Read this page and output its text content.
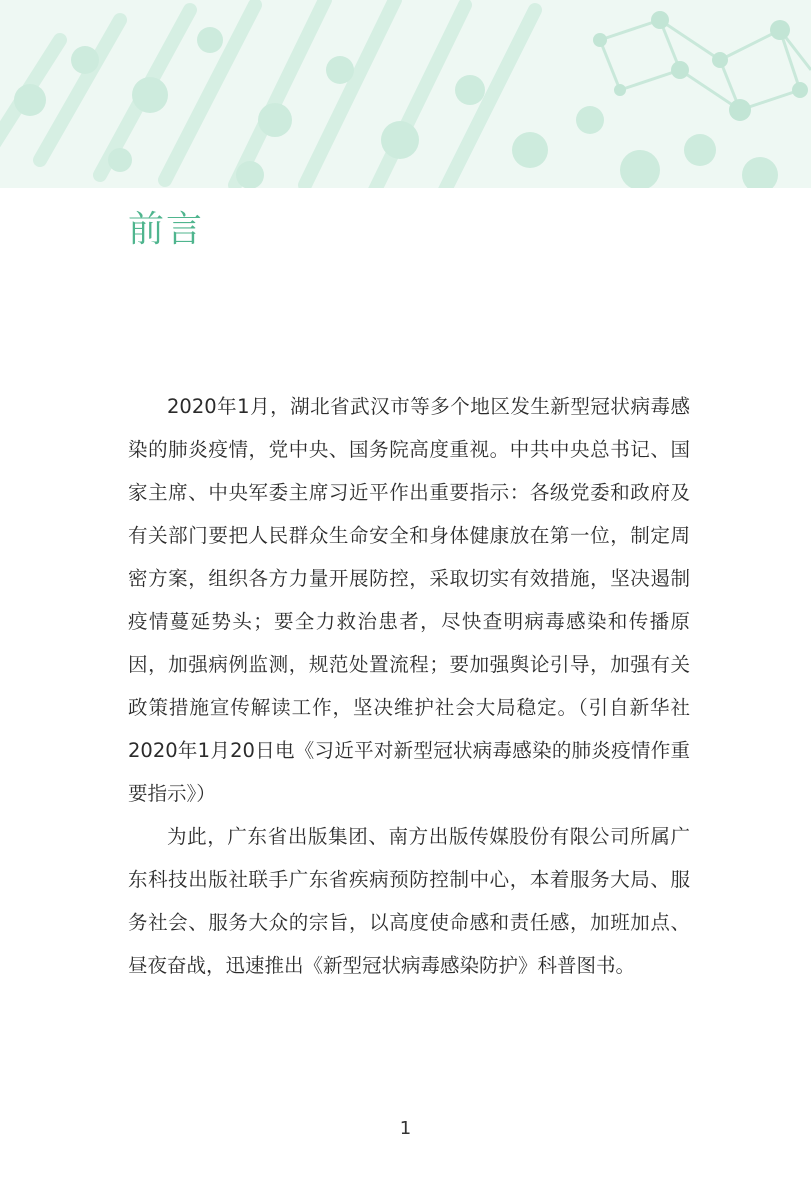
前言

2020年1月，湖北省武汉市等多个地区发生新型冠状病毒感染的肺炎疫情，党中央、国务院高度重视。中共中央总书记、国家主席、中央军委主席习近平作出重要指示：各级党委和政府及有关部门要把人民群众生命安全和身体健康放在第一位，制定周密方案，组织各方力量开展防控，采取切实有效措施，坚决遏制疫情蔓延势头；要全力救治患者，尽快查明病毒感染和传播原因，加强病例监测，规范处置流程；要加强舆论引导，加强有关政策措施宣传解读工作，坚决维护社会大局稳定。（引自新华社2020年1月20日电《习近平对新型冠状病毒感染的肺炎疫情作重要指示》）

为此，广东省出版集团、南方出版传媒股份有限公司所属广东科技出版社联手广东省疾病预防控制中心，本着服务大局、服务社会、服务大众的宗旨，以高度使命感和责任感，加班加点、昼夜奋战，迅速推出《新型冠状病毒感染防护》科普图书。

1
